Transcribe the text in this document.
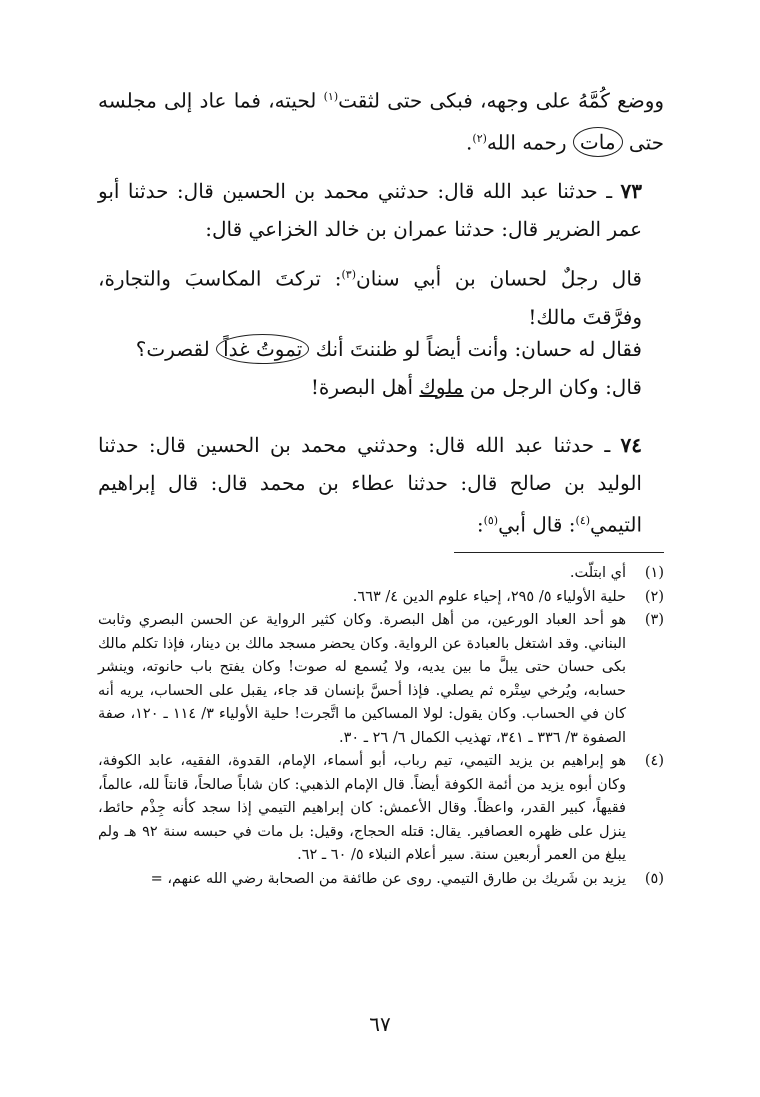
ووضع كُمَّهُ على وجهه، فبكى حتى لثقت$^{(١)}$ لحيته، فما عاد إلى مجلسه حتى مات رحمه الله$^{(٢)}$.

٧٣ ـ حدثنا عبد الله قال: حدثني محمد بن الحسين قال: حدثنا أبو عمر الضرير قال: حدثنا عمران بن خالد الخزاعي قال:

قال رجلٌ لحسان بن أبي سنان$^{(٣)}$: تركتَ المكاسبَ والتجارة، وفرَّقتَ مالك!

فقال له حسان: وأنت أيضاً لو ظننتَ أنك تموتُ غداً لقصرت؟

قال: وكان الرجل من ملوك أهل البصرة!

٧٤ ـ حدثنا عبد الله قال: وحدثني محمد بن الحسين قال: حدثنا الوليد بن صالح قال: حدثنا عطاء بن محمد قال: قال إبراهيم التيمي$^{(٤)}$: قال أبي$^{(٥)}$:

(١)
أي ابتلّت.
(٢)
حلية الأولياء ٥/ ٢٩٥، إحياء علوم الدين ٤/ ٦٦٣.
(٣)
هو أحد العباد الورعين، من أهل البصرة. وكان كثير الرواية عن الحسن البصري وثابت البناني. وقد اشتغل بالعبادة عن الرواية. وكان يحضر مسجد مالك بن دينار، فإذا تكلم مالك بكى حسان حتى يبلَّ ما بين يديه، ولا يُسمع له صوت! وكان يفتح باب حانوته، وينشر حسابه، ويُرخي سِتْره ثم يصلي. فإذا أحسَّ بإنسان قد جاء، يقبل على الحساب، يريه أنه كان في الحساب. وكان يقول: لولا المساكين ما اتَّجرت! حلية الأولياء ٣/ ١١٤ ـ ١٢٠، صفة الصفوة ٣/ ٣٣٦ ـ ٣٤١، تهذيب الكمال ٦/ ٢٦ ـ ٣٠.
(٤)
هو إبراهيم بن يزيد التيمي، تيم رباب، أبو أسماء، الإمام، القدوة، الفقيه، عابد الكوفة، وكان أبوه يزيد من أئمة الكوفة أيضاً. قال الإمام الذهبي: كان شاباً صالحاً، قانتاً لله، عالماً، فقيهاً، كبير القدر، واعظاً. وقال الأعمش: كان إبراهيم التيمي إذا سجد كأنه جِذْم حائط، ينزل على ظهره العصافير. يقال: قتله الحجاج، وقيل: بل مات في حبسه سنة ٩٢ هـ ولم يبلغ من العمر أربعين سنة. سير أعلام النبلاء ٥/ ٦٠ ـ ٦٢.
(٥)
يزيد بن شَريك بن طارق التيمي. روى عن طائفة من الصحابة رضي الله عنهم، =
٦٧
